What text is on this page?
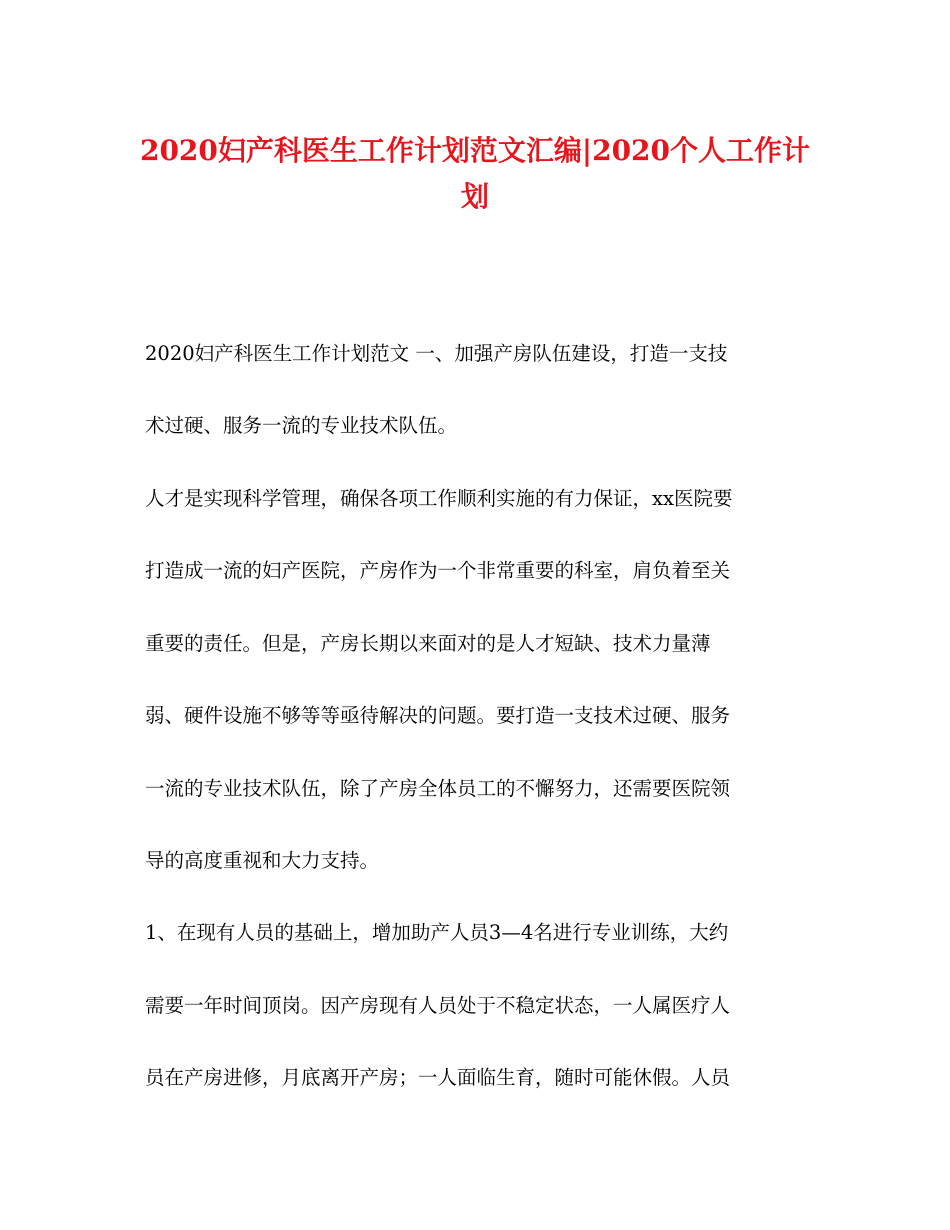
2020妇产科医生工作计划范文汇编|2020个人工作计
划

2020妇产科医生工作计划范文 一、加强产房队伍建设，打造一支技

术过硬、服务一流的专业技术队伍。

人才是实现科学管理，确保各项工作顺利实施的有力保证，xx医院要

打造成一流的妇产医院，产房作为一个非常重要的科室，肩负着至关

重要的责任。但是，产房长期以来面对的是人才短缺、技术力量薄

弱、硬件设施不够等等亟待解决的问题。要打造一支技术过硬、服务

一流的专业技术队伍，除了产房全体员工的不懈努力，还需要医院领

导的高度重视和大力支持。

1、在现有人员的基础上，增加助产人员3—4名进行专业训练，大约

需要一年时间顶岗。因产房现有人员处于不稳定状态，一人属医疗人

员在产房进修，月底离开产房；一人面临生育，随时可能休假。人员
